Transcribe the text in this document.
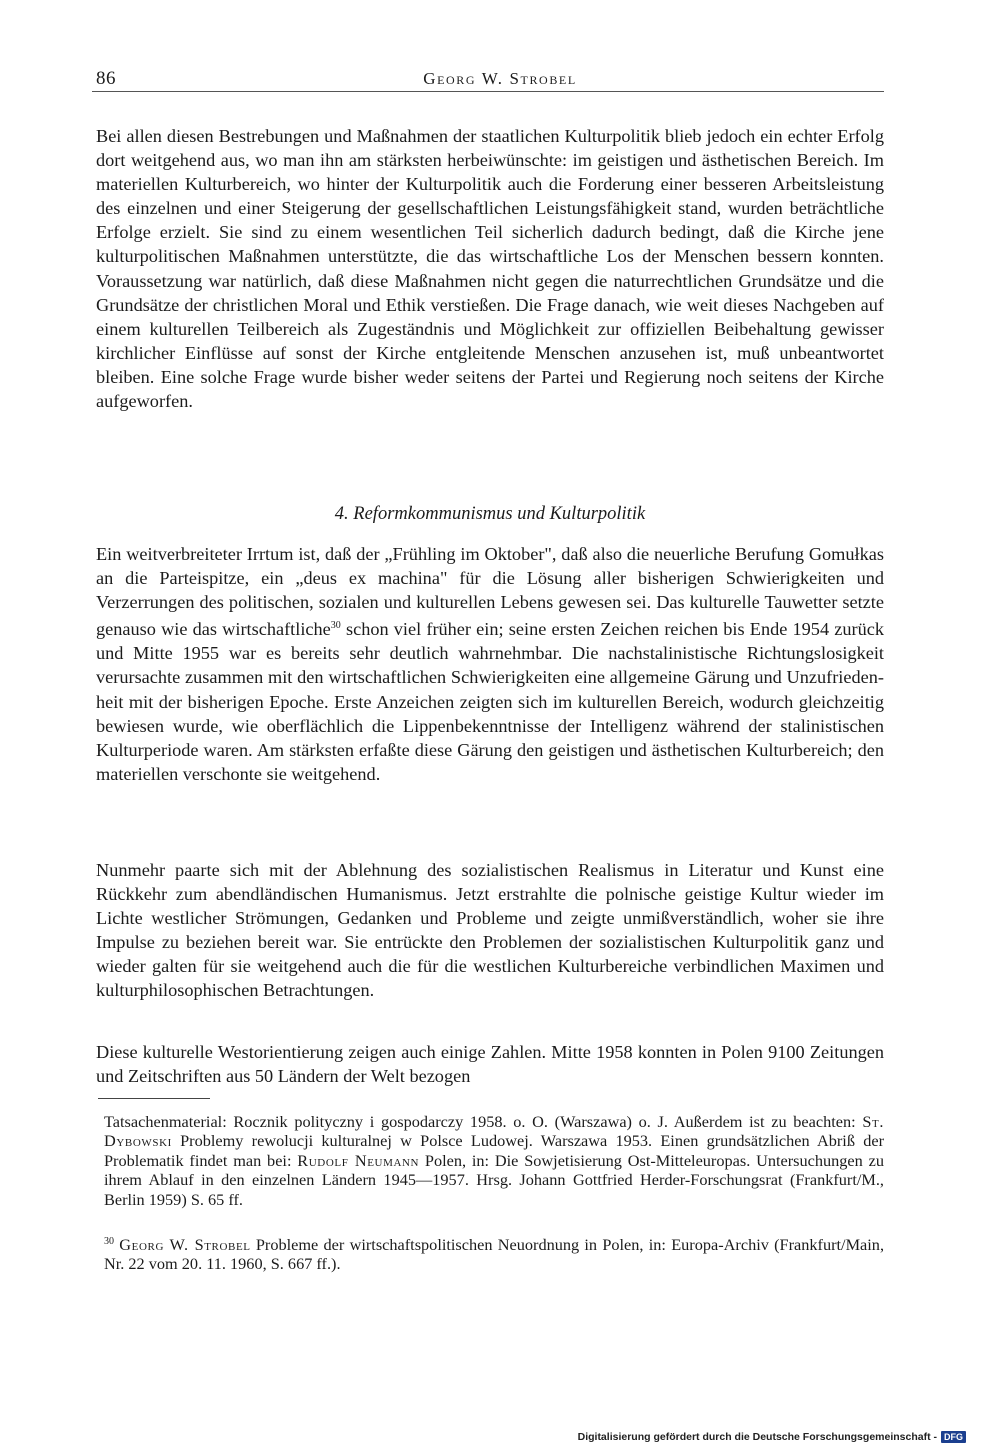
86	Georg W. Strobel

Bei allen diesen Bestrebungen und Maßnahmen der staatlichen Kulturpolitik blieb jedoch ein echter Erfolg dort weitgehend aus, wo man ihn am stärksten herbeiwünschte: im geistigen und ästhetischen Bereich. Im materiellen Kulturbereich, wo hinter der Kulturpolitik auch die Forderung einer besseren Arbeitsleistung des einzelnen und einer Steigerung der gesellschaftlichen Leistungsfähigkeit stand, wurden beträchtliche Erfolge erzielt. Sie sind zu einem wesentlichen Teil sicherlich dadurch bedingt, daß die Kirche jene kulturpolitischen Maßnahmen unterstützte, die das wirtschaftliche Los der Menschen bessern konnten. Voraussetzung war natürlich, daß diese Maßnahmen nicht gegen die naturrechtlichen Grundsätze und die Grundsätze der christlichen Moral und Ethik verstießen. Die Frage danach, wie weit dieses Nachgeben auf einem kulturellen Teilbereich als Zugeständnis und Möglichkeit zur offiziellen Beibehaltung gewisser kirchlicher Einflüsse auf sonst der Kirche entgleitende Menschen anzusehen ist, muß unbeantwortet bleiben. Eine solche Frage wurde bisher weder seitens der Partei und Regierung noch seitens der Kirche aufgeworfen.

4. Reformkommunismus und Kulturpolitik

Ein weitverbreiteter Irrtum ist, daß der „Frühling im Oktober", daß also die neuerliche Berufung Gomułkas an die Parteispitze, ein „deus ex machina" für die Lösung aller bisherigen Schwierigkeiten und Verzerrungen des politischen, sozialen und kulturellen Lebens gewesen sei. Das kulturelle Tauwetter setzte genauso wie das wirtschaftliche$^{30}$ schon viel früher ein; seine ersten Zeichen reichen bis Ende 1954 zurück und Mitte 1955 war es bereits sehr deutlich wahrnehmbar. Die nachstalinistische Richtungslosigkeit verursachte zusammen mit den wirtschaftlichen Schwierigkeiten eine allgemeine Gärung und Unzufriedenheit mit der bisherigen Epoche. Erste Anzeichen zeigten sich im kulturellen Bereich, wodurch gleichzeitig bewiesen wurde, wie oberflächlich die Lippenbekenntnisse der Intelligenz während der stalinistischen Kulturperiode waren. Am stärksten erfaßte diese Gärung den geistigen und ästhetischen Kulturbereich; den materiellen verschonte sie weitgehend.

Nunmehr paarte sich mit der Ablehnung des sozialistischen Realismus in Literatur und Kunst eine Rückkehr zum abendländischen Humanismus. Jetzt erstrahlte die polnische geistige Kultur wieder im Lichte westlicher Strömungen, Gedanken und Probleme und zeigte unmißverständlich, woher sie ihre Impulse zu beziehen bereit war. Sie entrückte den Problemen der sozialistischen Kulturpolitik ganz und wieder galten für sie weitgehend auch die für die westlichen Kulturbereiche verbindlichen Maximen und kulturphilosophischen Betrachtungen.

Diese kulturelle Westorientierung zeigen auch einige Zahlen. Mitte 1958 konnten in Polen 9100 Zeitungen und Zeitschriften aus 50 Ländern der Welt bezogen

Tatsachenmaterial: Rocznik polityczny i gospodarczy 1958. o. O. (Warszawa) o. J. Außerdem ist zu beachten: St. Dybowski Problemy rewolucji kulturalnej w Polsce Ludowej. Warszawa 1953. Einen grundsätzlichen Abriß der Problematik findet man bei: Rudolf Neumann Polen, in: Die Sowjetisierung Ost-Mitteleuropas. Untersuchungen zu ihrem Ablauf in den einzelnen Ländern 1945—1957. Hrsg. Johann Gottfried Herder-Forschungsrat (Frankfurt/M., Berlin 1959) S. 65 ff.

$^{30}$ Georg W. Strobel Probleme der wirtschaftspolitischen Neuordnung in Polen, in: Europa-Archiv (Frankfurt/Main, Nr. 22 vom 20. 11. 1960, S. 667 ff.).

Digitalisierung gefördert durch die Deutsche Forschungsgemeinschaft - DFG
